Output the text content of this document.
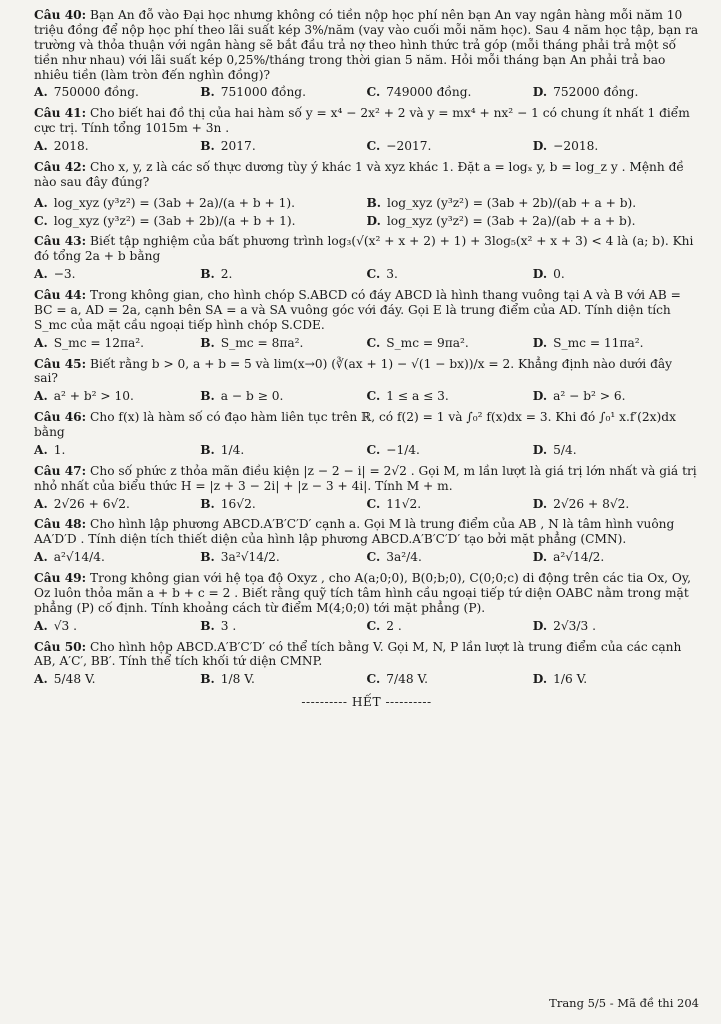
Câu 40: Bạn An đỗ vào Đại học nhưng không có tiền nộp học phí nên bạn An vay ngân hàng mỗi năm 10 triệu đồng để nộp học phí theo lãi suất kép 3%/năm (vay vào cuối mỗi năm học). Sau 4 năm học tập, bạn ra trường và thỏa thuận với ngân hàng sẽ bắt đầu trả nợ theo hình thức trả góp (mỗi tháng phải trả một số tiền như nhau) với lãi suất kép 0,25%/tháng trong thời gian 5 năm. Hỏi mỗi tháng bạn An phải trả bao nhiêu tiền (làm tròn đến nghìn đồng)?
A. 750000 đồng.	B. 751000 đồng.	C. 749000 đồng.	D. 752000 đồng.
Câu 41: Cho biết hai đồ thị của hai hàm số y = x⁴ − 2x² + 2 và y = mx⁴ + nx² − 1 có chung ít nhất 1 điểm cực trị. Tính tổng 1015m + 3n .
A. 2018.	B. 2017.	C. −2017.	D. −2018.
Câu 42: Cho x, y, z là các số thực dương tùy ý khác 1 và xyz khác 1. Đặt a = logₓ y, b = log_z y . Mệnh đề nào sau đây đúng?
A. log_xyz (y³z²) = (3ab + 2a)/(a + b + 1).	B. log_xyz (y³z²) = (3ab + 2b)/(ab + a + b).
C. log_xyz (y³z²) = (3ab + 2b)/(a + b + 1).	D. log_xyz (y³z²) = (3ab + 2a)/(ab + a + b).
Câu 43: Biết tập nghiệm của bất phương trình log₃(√(x² + x + 2) + 1) + 3log₅(x² + x + 3) < 4 là (a; b). Khi đó tổng 2a + b bằng
A. −3.	B. 2.	C. 3.	D. 0.
Câu 44: Trong không gian, cho hình chóp S.ABCD có đáy ABCD là hình thang vuông tại A và B với AB = BC = a, AD = 2a, cạnh bên SA = a và SA vuông góc với đáy. Gọi E là trung điểm của AD. Tính diện tích S_mc của mặt cầu ngoại tiếp hình chóp S.CDE.
A. S_mc = 12πa².	B. S_mc = 8πa².	C. S_mc = 9πa².	D. S_mc = 11πa².
Câu 45: Biết rằng b > 0, a + b = 5 và lim(x→0) (∛(ax + 1) − √(1 − bx))/x = 2. Khẳng định nào dưới đây sai?
A. a² + b² > 10.	B. a − b ≥ 0.	C. 1 ≤ a ≤ 3.	D. a² − b² > 6.
Câu 46: Cho f(x) là hàm số có đạo hàm liên tục trên ℝ, có f(2) = 1 và ∫₀² f(x)dx = 3. Khi đó ∫₀¹ x.f′(2x)dx bằng
A. 1.	B. 1/4.	C. −1/4.	D. 5/4.
Câu 47: Cho số phức z thỏa mãn điều kiện |z − 2 − i| = 2√2 . Gọi M, m lần lượt là giá trị lớn nhất và giá trị nhỏ nhất của biểu thức H = |z + 3 − 2i| + |z − 3 + 4i|. Tính M + m.
A. 2√26 + 6√2.	B. 16√2.	C. 11√2.	D. 2√26 + 8√2.
Câu 48: Cho hình lập phương ABCD.A′B′C′D′ cạnh a. Gọi M là trung điểm của AB , N là tâm hình vuông AA′D′D . Tính diện tích thiết diện của hình lập phương ABCD.A′B′C′D′ tạo bởi mặt phẳng (CMN).
A. a²√14/4.	B. 3a²√14/2.	C. 3a²/4.	D. a²√14/2.
Câu 49: Trong không gian với hệ tọa độ Oxyz , cho A(a;0;0), B(0;b;0), C(0;0;c) di động trên các tia Ox, Oy, Oz luôn thỏa mãn a + b + c = 2 . Biết rằng quỹ tích tâm hình cầu ngoại tiếp tứ diện OABC nằm trong mặt phẳng (P) cố định. Tính khoảng cách từ điểm M(4;0;0) tới mặt phẳng (P).
A. √3 .	B. 3 .	C. 2 .	D. 2√3/3 .
Câu 50: Cho hình hộp ABCD.A′B′C′D′ có thể tích bằng V. Gọi M, N, P lần lượt là trung điểm của các cạnh AB, A′C′, BB′. Tính thể tích khối tứ diện CMNP.
A. 5/48 V.	B. 1/8 V.	C. 7/48 V.	D. 1/6 V.
---------- HẾT ----------
Trang 5/5 - Mã đề thi 204
